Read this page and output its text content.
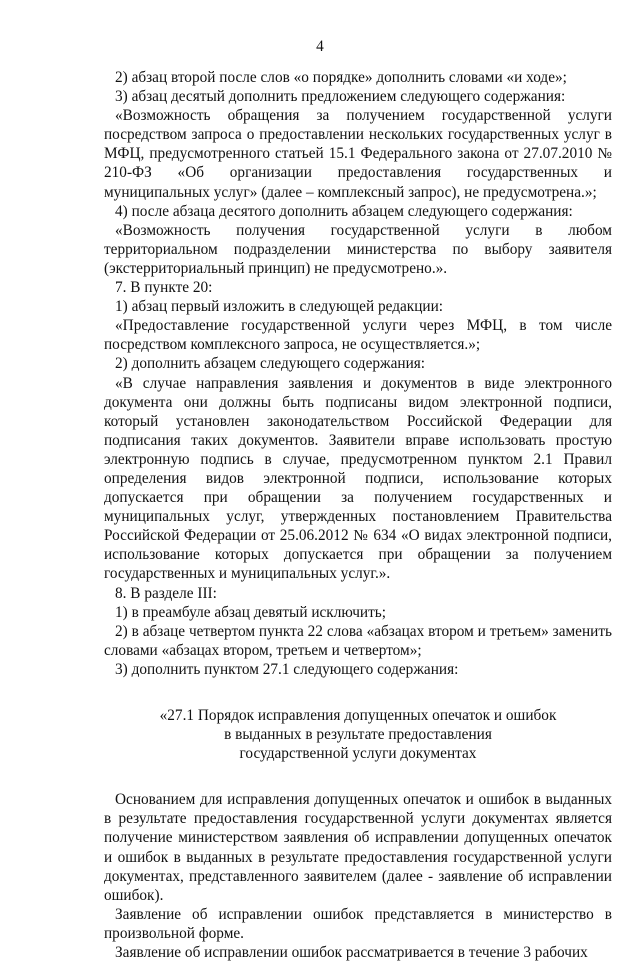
4

2) абзац второй после слов «о порядке» дополнить словами «и ходе»;

3) абзац десятый дополнить предложением следующего содержания:

«Возможность обращения за получением государственной услуги посредством запроса о предоставлении нескольких государственных услуг в МФЦ, предусмотренного статьей 15.1 Федерального закона от 27.07.2010 № 210-ФЗ «Об организации предоставления государственных и муниципальных услуг» (далее – комплексный запрос), не предусмотрена.»;

4) после абзаца десятого дополнить абзацем следующего содержания:

«Возможность получения государственной услуги в любом территориальном подразделении министерства по выбору заявителя (экстерриториальный принцип) не предусмотрено.».

7. В пункте 20:

1) абзац первый изложить в следующей редакции:

«Предоставление государственной услуги через МФЦ, в том числе посредством комплексного запроса, не осуществляется.»;

2) дополнить абзацем следующего содержания:

«В случае направления заявления и документов в виде электронного документа они должны быть подписаны видом электронной подписи, который установлен законодательством Российской Федерации для подписания таких документов. Заявители вправе использовать простую электронную подпись в случае, предусмотренном пунктом 2.1 Правил определения видов электронной подписи, использование которых допускается при обращении за получением государственных и муниципальных услуг, утвержденных постановлением Правительства Российской Федерации от 25.06.2012 № 634 «О видах электронной подписи, использование которых допускается при обращении за получением государственных и муниципальных услуг.».

8. В разделе III:

1) в преамбуле абзац девятый исключить;

2) в абзаце четвертом пункта 22 слова «абзацах втором и третьем» заменить словами «абзацах втором, третьем и четвертом»;

3) дополнить пунктом 27.1 следующего содержания:

«27.1 Порядок исправления допущенных опечаток и ошибок
в выданных в результате предоставления
государственной услуги документах

Основанием для исправления допущенных опечаток и ошибок в выданных в результате предоставления государственной услуги документах является получение министерством заявления об исправлении допущенных опечаток и ошибок в выданных в результате предоставления государственной услуги документах, представленного заявителем (далее - заявление об исправлении ошибок).

Заявление об исправлении ошибок представляется в министерство в произвольной форме.

Заявление об исправлении ошибок рассматривается в течение 3 рабочих
